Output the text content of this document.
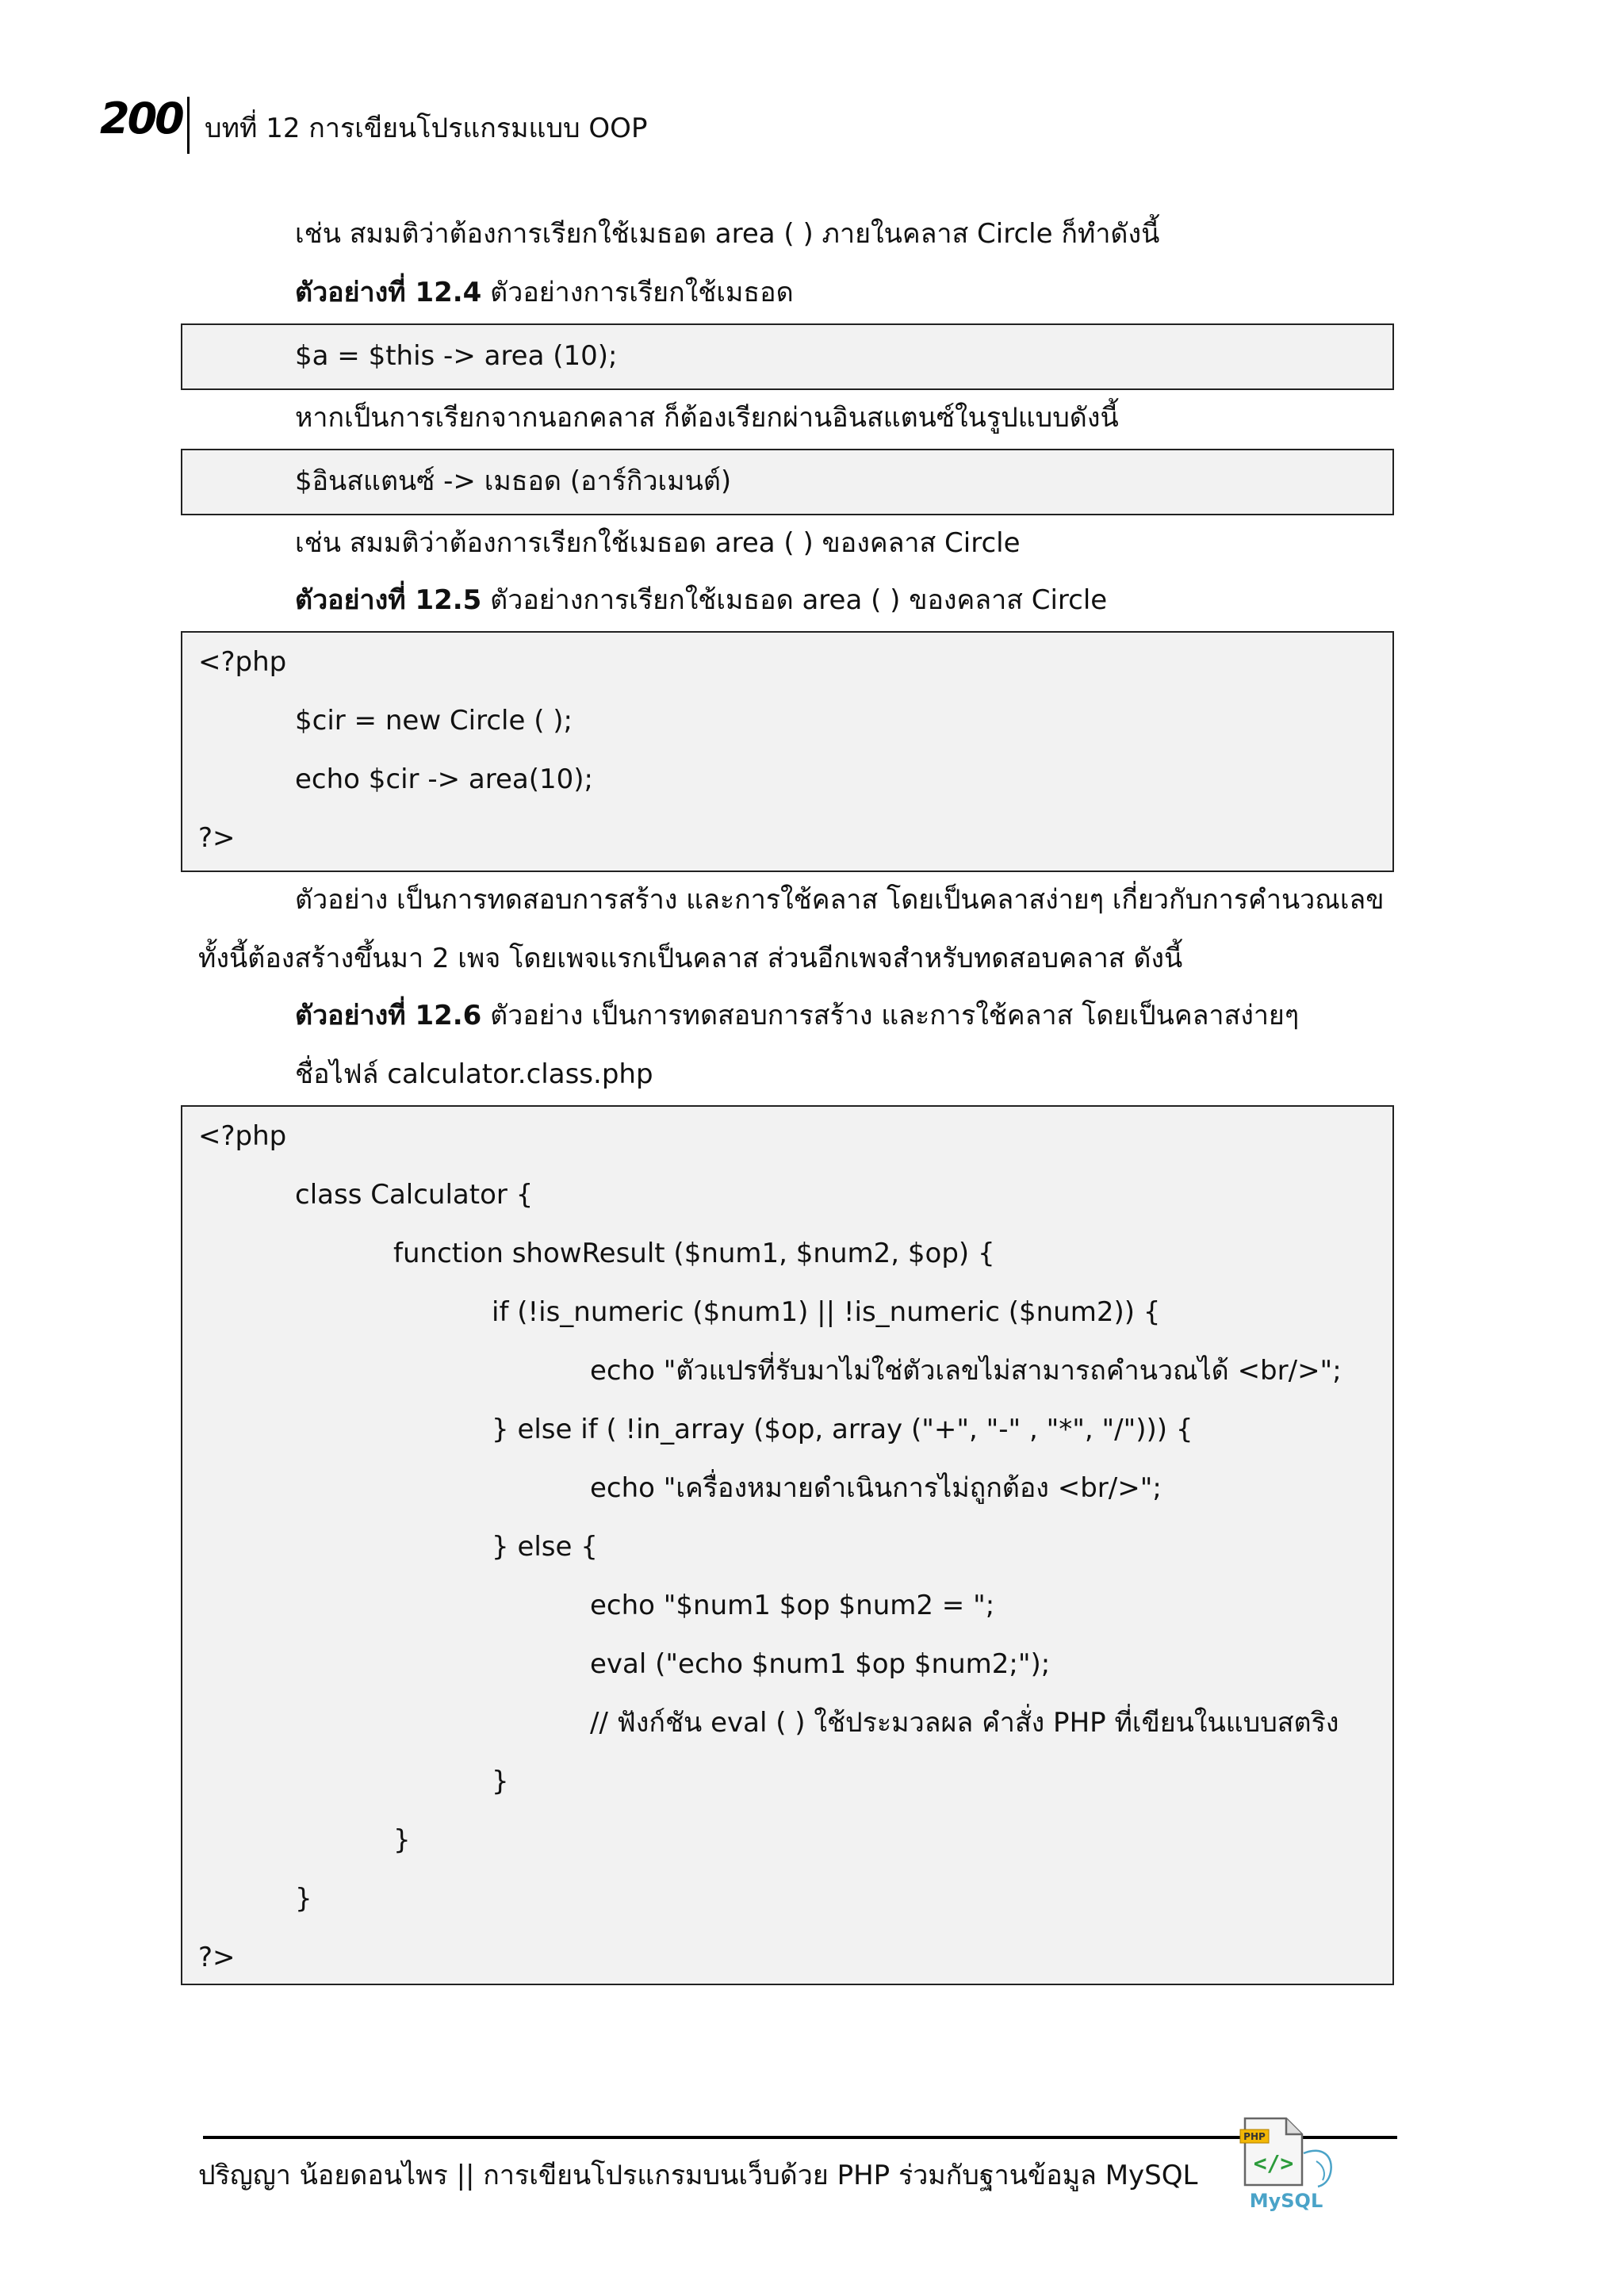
200 บทที่ 12 การเขียนโปรแกรมแบบ OOP
เช่น สมมติว่าต้องการเรียกใช้เมธอด area ( ) ภายในคลาส Circle ก็ทำดังนี้
ตัวอย่างที่ 12.4 ตัวอย่างการเรียกใช้เมธอด
$a = $this -> area (10);
หากเป็นการเรียกจากนอกคลาส ก็ต้องเรียกผ่านอินสแตนซ์ในรูปแบบดังนี้
$อินสแตนซ์ -> เมธอด (อาร์กิวเมนต์)
เช่น สมมติว่าต้องการเรียกใช้เมธอด area ( ) ของคลาส Circle
ตัวอย่างที่ 12.5 ตัวอย่างการเรียกใช้เมธอด area ( ) ของคลาส Circle
<?php
$cir = new Circle ( );
echo $cir -> area(10);
?>
ตัวอย่าง เป็นการทดสอบการสร้าง และการใช้คลาส โดยเป็นคลาสง่ายๆ เกี่ยวกับการคำนวณเลข
ทั้งนี้ต้องสร้างขึ้นมา 2 เพจ โดยเพจแรกเป็นคลาส ส่วนอีกเพจสำหรับทดสอบคลาส ดังนี้
ตัวอย่างที่ 12.6 ตัวอย่าง เป็นการทดสอบการสร้าง และการใช้คลาส โดยเป็นคลาสง่ายๆ
ชื่อไฟล์ calculator.class.php
<?php
class Calculator {
function showResult ($num1, $num2, $op) {
if (!is_numeric ($num1) || !is_numeric ($num2)) {
echo "ตัวแปรที่รับมาไม่ใช่ตัวเลขไม่สามารถคำนวณได้ <br/>";
} else if ( !in_array ($op, array ("+", "-" , "*", "/"))) {
echo "เครื่องหมายดำเนินการไม่ถูกต้อง <br/>";
} else {
echo "$num1 $op $num2 = ";
eval ("echo $num1 $op $num2;");
// ฟังก์ชัน eval ( ) ใช้ประมวลผล คำสั่ง PHP ที่เขียนในแบบสตริง
}
}
}
?>
ปริญญา น้อยดอนไพร || การเขียนโปรแกรมบนเว็บด้วย PHP ร่วมกับฐานข้อมูล MySQL
PHP
</>
MySQL
